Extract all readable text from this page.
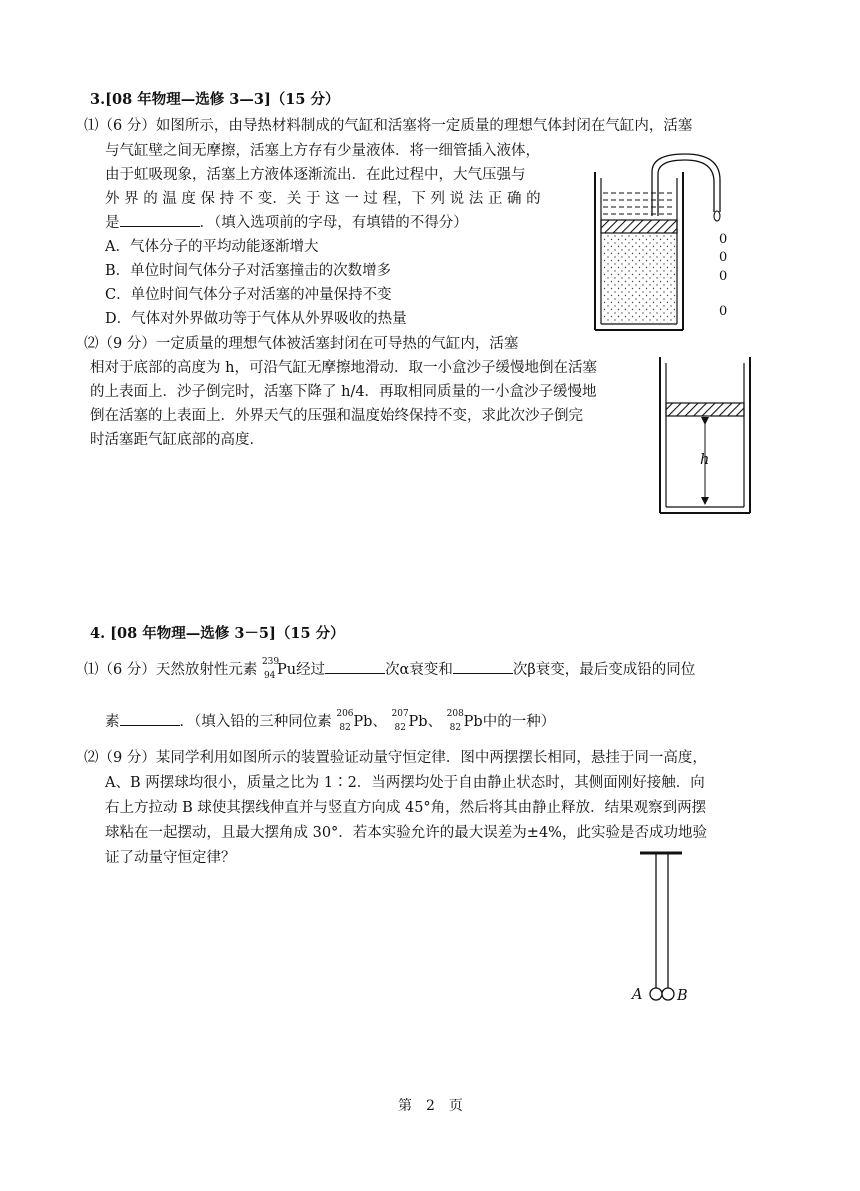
3.[08 年物理—选修 3—3]（15 分）
⑴（6 分）如图所示，由导热材料制成的气缸和活塞将一定质量的理想气体封闭在气缸内，活塞
与气缸壁之间无摩擦，活塞上方存有少量液体．将一细管插入液体，
由于虹吸现象，活塞上方液体逐渐流出．在此过程中，大气压强与
外 界 的 温 度 保 持 不 变．关 于 这 一 过 程，下 列 说 法 正 确 的
是	．（填入选项前的字母，有填错的不得分）
A．气体分子的平均动能逐渐增大
B．单位时间气体分子对活塞撞击的次数增多
C．单位时间气体分子对活塞的冲量保持不变
D．气体对外界做功等于气体从外界吸收的热量
⑵（9 分）一定质量的理想气体被活塞封闭在可导热的气缸内，活塞
相对于底部的高度为 h，可沿气缸无摩擦地滑动．取一小盒沙子缓慢地倒在活塞
的上表面上．沙子倒完时，活塞下降了 h/4．再取相同质量的一小盒沙子缓慢地
倒在活塞的上表面上．外界天气的压强和温度始终保持不变，求此次沙子倒完
时活塞距气缸底部的高度．
0
0
0
0
h
4. [08 年物理—选修 3－5]（15 分）
⑴（6 分）天然放射性元素 239
94 Pu经过	次α衰变和	次β衰变，最后变成铅的同位
素	．（填入铅的三种同位素 206
82 Pb、 207
82 Pb、 208
82 Pb中的一种）
⑵（9 分）某同学利用如图所示的装置验证动量守恒定律．图中两摆摆长相同，悬挂于同一高度，
A、B 两摆球均很小，质量之比为 1∶2．当两摆均处于自由静止状态时，其侧面刚好接触．向
右上方拉动 B 球使其摆线伸直并与竖直方向成 45°角，然后将其由静止释放．结果观察到两摆
球粘在一起摆动，且最大摆角成 30°．若本实验允许的最大误差为±4%，此实验是否成功地验
证了动量守恒定律？
A B
第　2　页
